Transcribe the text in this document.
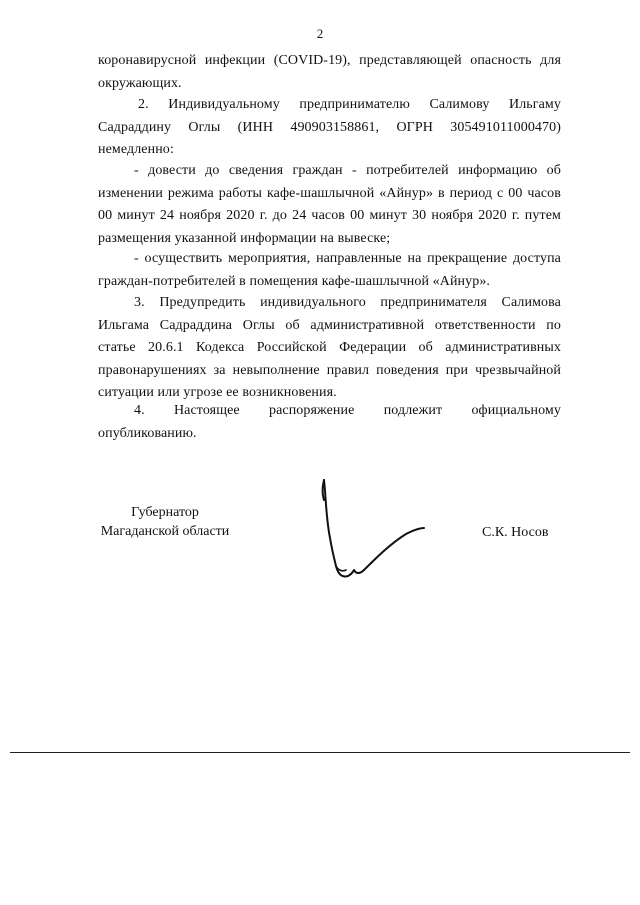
2
коронавирусной инфекции (COVID-19), представляющей опасность для
окружающих.
2. Индивидуальному предпринимателю Салимову Ильгаму
Садраддину Оглы (ИНН 490903158861, ОГРН 305491011000470)
немедленно:
- довести до сведения граждан - потребителей информацию об
изменении режима работы кафе-шашлычной «Айнур» в период с 00 часов
00 минут 24 ноября 2020 г. до 24 часов 00 минут 30 ноября 2020 г. путем
размещения указанной информации на вывеске;
- осуществить мероприятия, направленные на прекращение доступа
граждан-потребителей в помещения кафе-шашлычной «Айнур».
3. Предупредить индивидуального предпринимателя Салимова
Ильгама Садраддина Оглы об административной ответственности по
статье 20.6.1 Кодекса Российской Федерации об административных
правонарушениях за невыполнение правил поведения при чрезвычайной
ситуации или угрозе ее возникновения.
4. Настоящее распоряжение подлежит официальному
опубликованию.
Губернатор
Магаданской области	С.К. Носов
